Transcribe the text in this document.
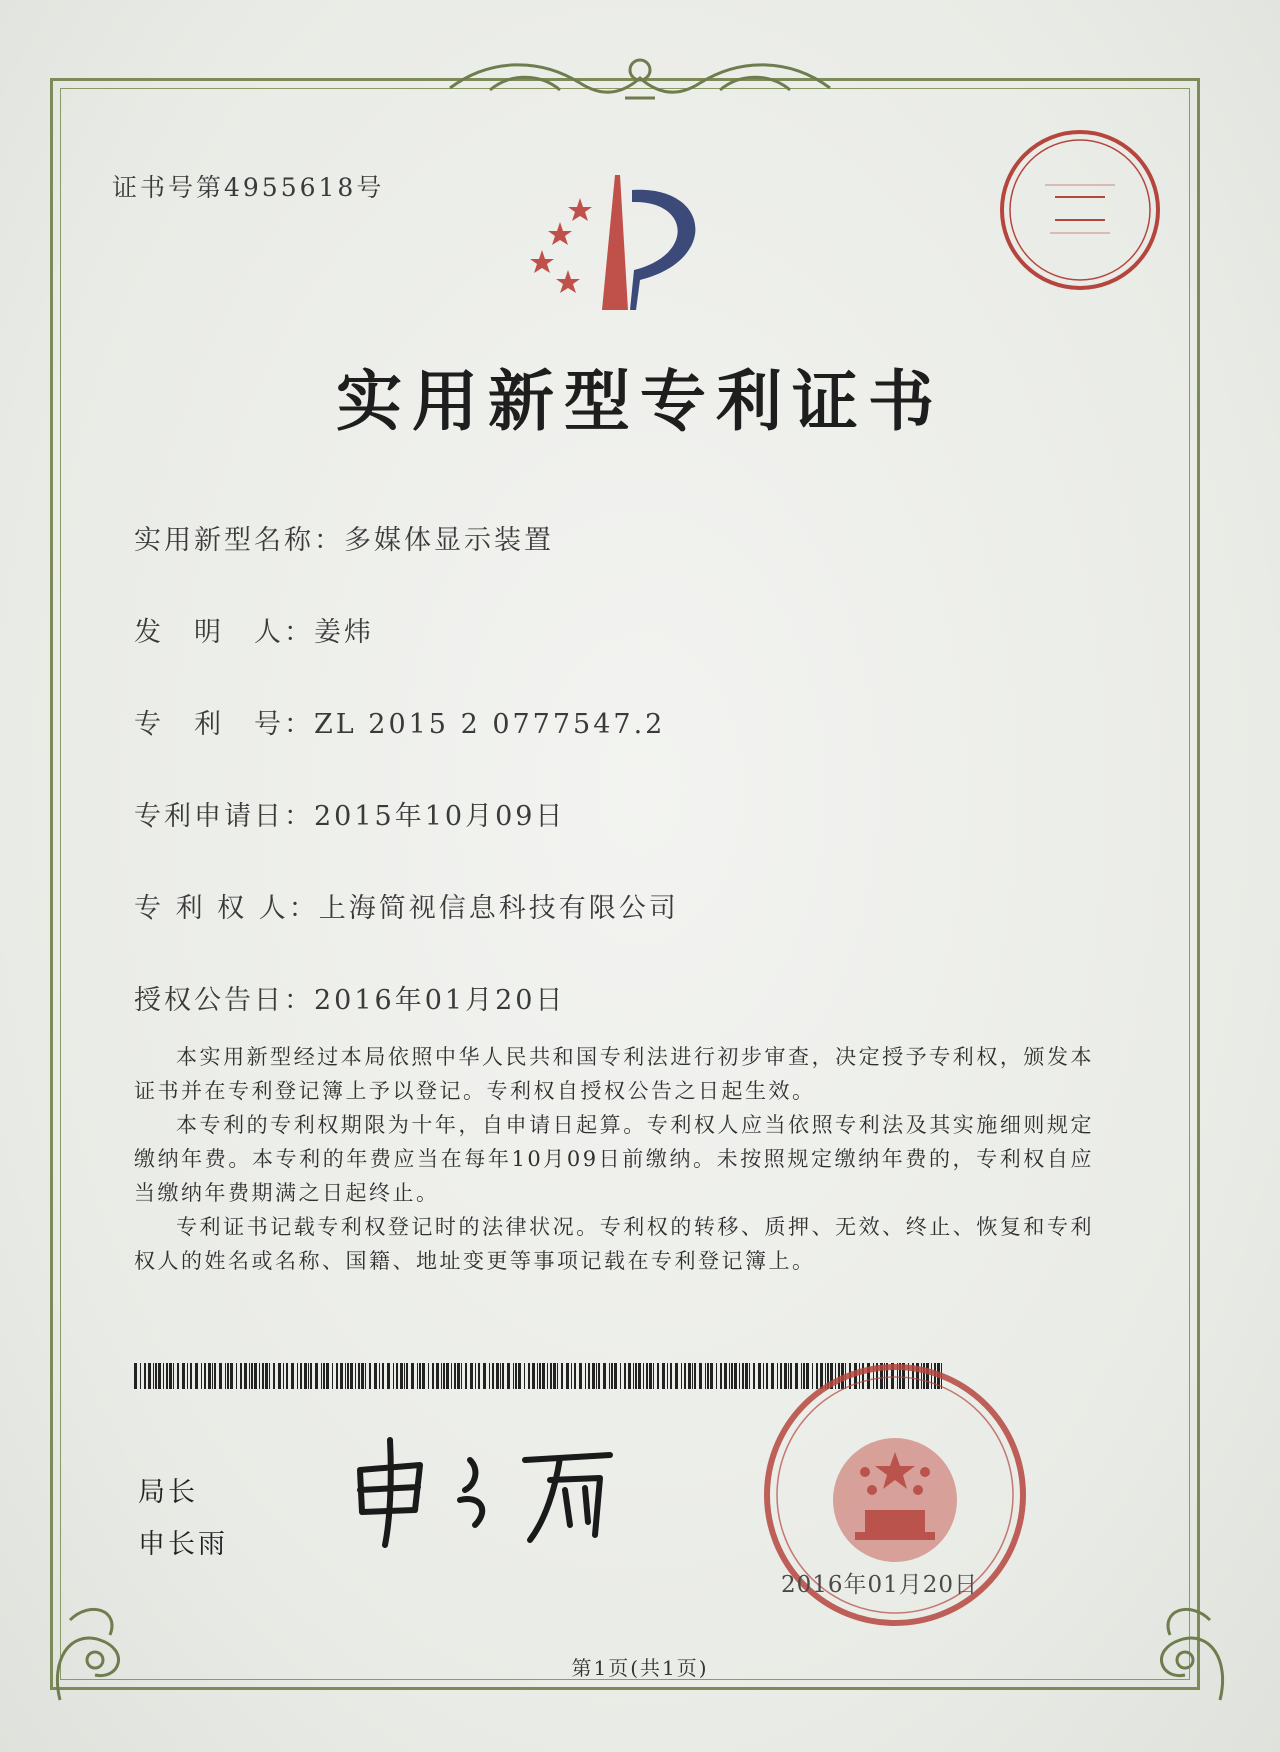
证书号第4955618号
实用新型专利证书
实用新型名称：多媒体显示装置
发　明　人：姜炜
专　利　号：ZL 2015 2 0777547.2
专利申请日：2015年10月09日
专 利 权 人：上海简视信息科技有限公司
授权公告日：2016年01月20日

本实用新型经过本局依照中华人民共和国专利法进行初步审查，决定授予专利权，颁发本证书并在专利登记簿上予以登记。专利权自授权公告之日起生效。

本专利的专利权期限为十年，自申请日起算。专利权人应当依照专利法及其实施细则规定缴纳年费。本专利的年费应当在每年10月09日前缴纳。未按照规定缴纳年费的，专利权自应当缴纳年费期满之日起终止。

专利证书记载专利权登记时的法律状况。专利权的转移、质押、无效、终止、恢复和专利权人的姓名或名称、国籍、地址变更等事项记载在专利登记簿上。

局长
申长雨
2016年01月20日
第1页(共1页)
